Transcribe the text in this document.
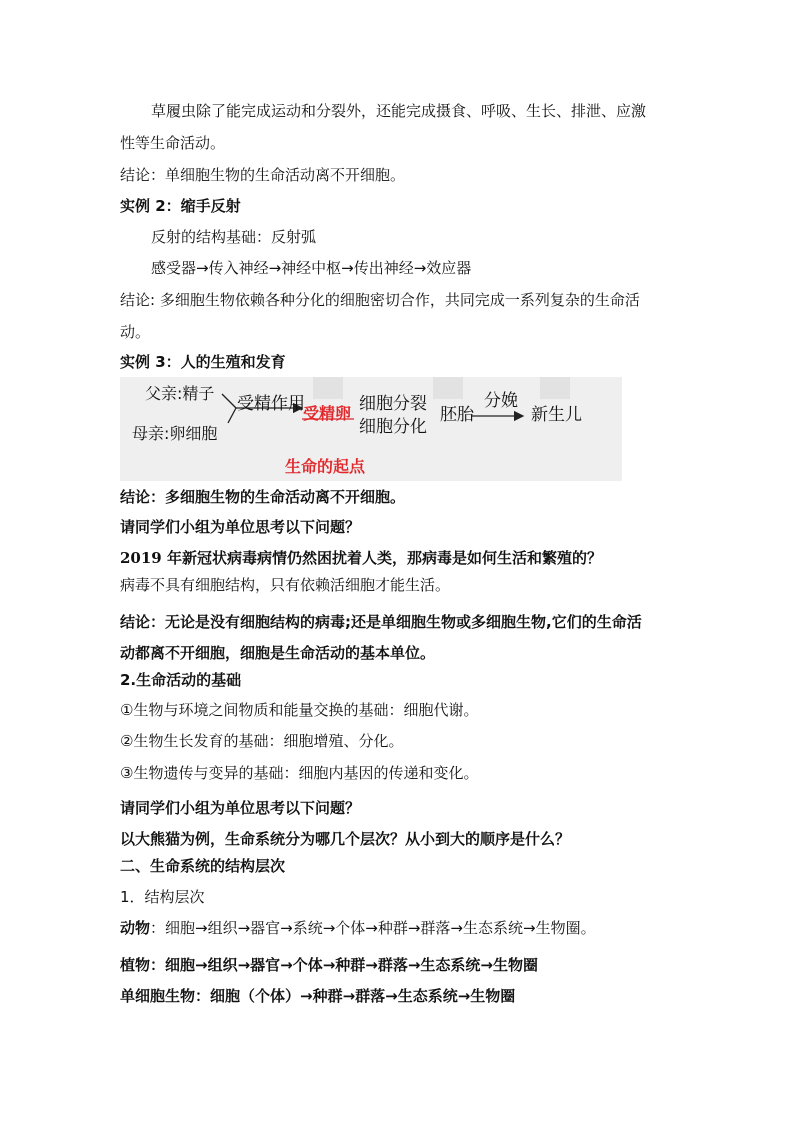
草履虫除了能完成运动和分裂外，还能完成摄食、呼吸、生长、排泄、应激
性等生命活动。
结论：单细胞生物的生命活动离不开细胞。
实例 2：缩手反射
反射的结构基础：反射弧
感受器→传入神经→神经中枢→传出神经→效应器
结论: 多细胞生物依赖各种分化的细胞密切合作，共同完成一系列复杂的生命活
动。
实例 3：人的生殖和发育
父亲:精子
母亲:卵细胞
受精作用
受精卵 细胞分裂
细胞分化
胚胎
分娩
新生儿
生命的起点
结论：多细胞生物的生命活动离不开细胞。
请同学们小组为单位思考以下问题？
2019 年新冠状病毒病情仍然困扰着人类，那病毒是如何生活和繁殖的？
病毒不具有细胞结构，只有依赖活细胞才能生活。
结论：无论是没有细胞结构的病毒;还是单细胞生物或多细胞生物,它们的生命活
动都离不开细胞，细胞是生命活动的基本单位。
2.生命活动的基础
①生物与环境之间物质和能量交换的基础：细胞代谢。
②生物生长发育的基础：细胞增殖、分化。
③生物遗传与变异的基础：细胞内基因的传递和变化。
请同学们小组为单位思考以下问题？
以大熊猫为例，生命系统分为哪几个层次？从小到大的顺序是什么？
二、生命系统的结构层次
1．结构层次
动物：细胞→组织→器官→系统→个体→种群→群落→生态系统→生物圈。
植物：细胞→组织→器官→个体→种群→群落→生态系统→生物圈
单细胞生物：细胞（个体）→种群→群落→生态系统→生物圈
